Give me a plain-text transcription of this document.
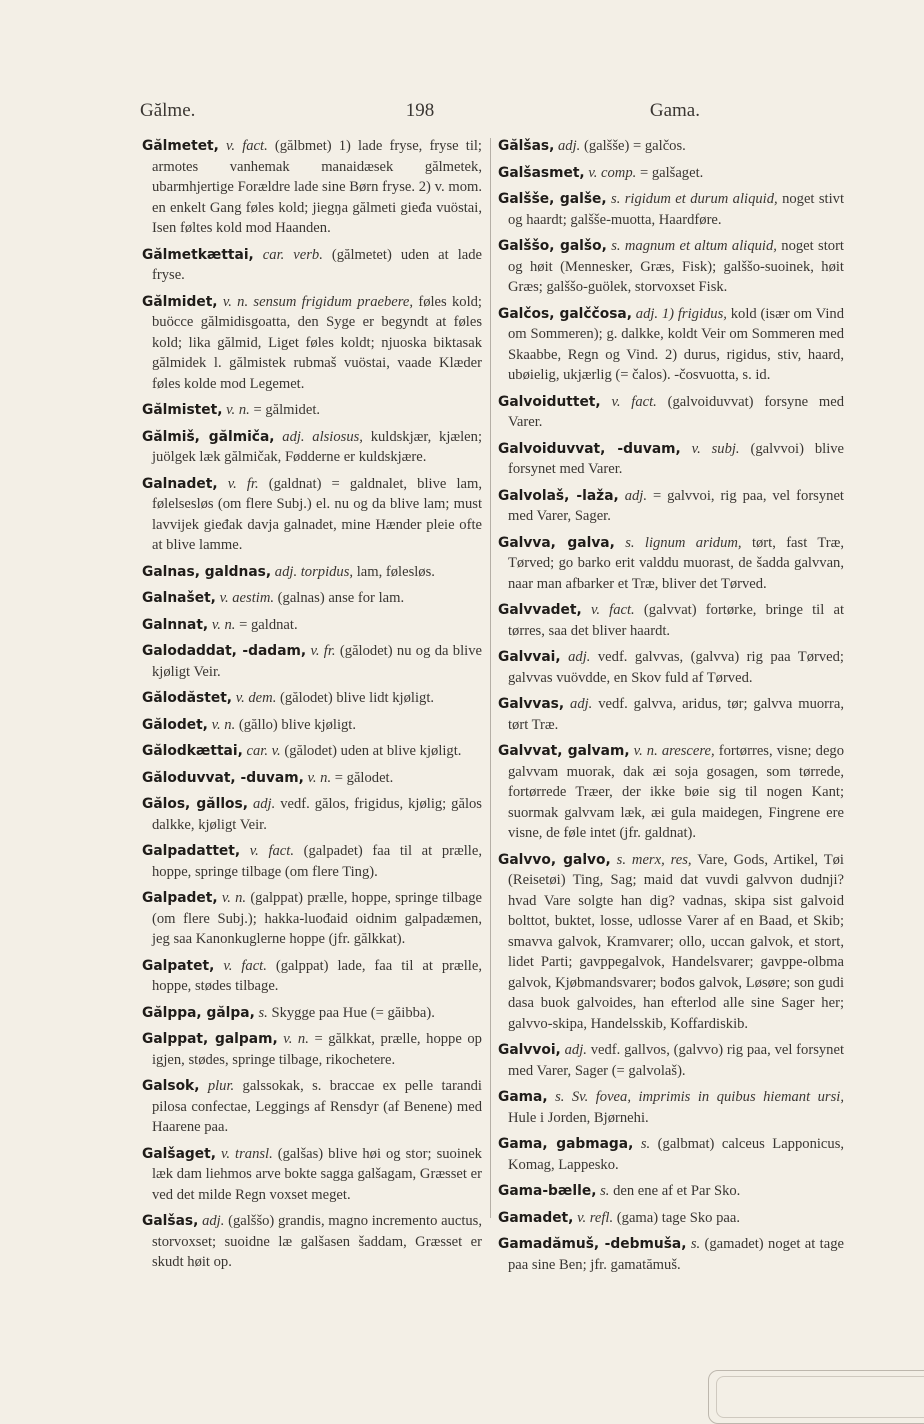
Gălme.	198	Gama.

Gălmetet, v. fact. (gălbmet) 1) lade fryse, fryse til; armotes vanhemak manaidæsek gălmetek, ubarmhjertige Forældre lade sine Børn fryse. 2) v. mom. en enkelt Gang føles kold; jiegŋa gălmeti gieđa vuöstai, Isen føltes kold mod Haanden.

Gălmetkættai, car. verb. (gălmetet) uden at lade fryse.

Gălmidet, v. n. sensum frigidum praebere, føles kold; buöcce gălmidisgoatta, den Syge er begyndt at føles kold; lika gălmid, Liget føles koldt; njuoska biktasak gălmidek l. gălmistek rubmaš vuöstai, vaade Klæder føles kolde mod Legemet.

Gălmistet, v. n. = gălmidet.

Gălmiš, gălmiča, adj. alsiosus, kuldskjær, kjælen; juölgek læk gălmičak, Fødderne er kuldskjære.

Galnadet, v. fr. (galdnat) = galdnalet, blive lam, følelsesløs (om flere Subj.) el. nu og da blive lam; must lavvijek gieđak davja galnadet, mine Hænder pleie ofte at blive lamme.

Galnas, galdnas, adj. torpidus, lam, følesløs.

Galnašet, v. aestim. (galnas) anse for lam.

Galnnat, v. n. = galdnat.

Galodaddat, -dadam, v. fr. (gălodet) nu og da blive kjøligt Veir.

Gălodăstet, v. dem. (gălodet) blive lidt kjøligt.

Gălodet, v. n. (găllo) blive kjøligt.

Gălodkættai, car. v. (gălodet) uden at blive kjøligt.

Găloduvvat, -duvam, v. n. = gălodet.

Gălos, găllos, adj. vedf. gălos, frigidus, kjølig; gălos dalkke, kjøligt Veir.

Galpadattet, v. fact. (galpadet) faa til at prælle, hoppe, springe tilbage (om flere Ting).

Galpadet, v. n. (galppat) prælle, hoppe, springe tilbage (om flere Subj.); hakka-luođaid oidnim galpadæmen, jeg saa Kanonkuglerne hoppe (jfr. gălkkat).

Galpatet, v. fact. (galppat) lade, faa til at prælle, hoppe, stødes tilbage.

Gălppa, gălpa, s. Skygge paa Hue (= găibba).

Galppat, galpam, v. n. = gălkkat, prælle, hoppe op igjen, stødes, springe tilbage, rikochetere.

Galsok, plur. galssokak, s. braccae ex pelle tarandi pilosa confectae, Leggings af Rensdyr (af Benene) med Haarene paa.

Galšaget, v. transl. (galšas) blive høi og stor; suoinek læk dam liehmos arve bokte sagga galšagam, Græsset er ved det milde Regn voxset meget.

Galšas, adj. (galššo) grandis, magno incremento auctus, storvoxset; suoidne læ galšasen šaddam, Græsset er skudt høit op.

Gălšas, adj. (galšše) = galčos.

Galšasmet, v. comp. = galšaget.

Galšše, galše, s. rigidum et durum aliquid, noget stivt og haardt; galšše-muotta, Haardføre.

Galššo, galšo, s. magnum et altum aliquid, noget stort og høit (Mennesker, Græs, Fisk); galššo-suoinek, høit Græs; galššo-guölek, storvoxset Fisk.

Galčos, galččosa, adj. 1) frigidus, kold (især om Vind om Sommeren); g. dalkke, koldt Veir om Sommeren med Skaabbe, Regn og Vind. 2) durus, rigidus, stiv, haard, ubøielig, ukjærlig (= čalos). -čosvuotta, s. id.

Galvoiduttet, v. fact. (galvoiduvvat) forsyne med Varer.

Galvoiduvvat, -duvam, v. subj. (galvvoi) blive forsynet med Varer.

Galvolaš, -laža, adj. = galvvoi, rig paa, vel forsynet med Varer, Sager.

Galvva, galva, s. lignum aridum, tørt, fast Træ, Tørved; go barko erit valddu muorast, de šadda galvvan, naar man afbarker et Træ, bliver det Tørved.

Galvvadet, v. fact. (galvvat) fortørke, bringe til at tørres, saa det bliver haardt.

Galvvai, adj. vedf. galvvas, (galvva) rig paa Tørved; galvvas vuövdde, en Skov fuld af Tørved.

Galvvas, adj. vedf. galvva, aridus, tør; galvva muorra, tørt Træ.

Galvvat, galvam, v. n. arescere, fortørres, visne; dego galvvam muorak, dak æi soja gosagen, som tørrede, fortørrede Træer, der ikke bøie sig til nogen Kant; suormak galvvam læk, æi gula maidegen, Fingrene ere visne, de føle intet (jfr. galdnat).

Galvvo, galvo, s. merx, res, Vare, Gods, Artikel, Tøi (Reisetøi) Ting, Sag; maid dat vuvdi galvvon dudnji? hvad Vare solgte han dig? vadnas, skipa sist galvoid bolttot, buktet, losse, udlosse Varer af en Baad, et Skib; smavva galvok, Kramvarer; ollo, uccan galvok, et stort, lidet Parti; gavppegalvok, Handelsvarer; gavppe-olbma galvok, Kjøbmandsvarer; bođos galvok, Løsøre; son gudi dasa buok galvoides, han efterlod alle sine Sager her; galvvo-skipa, Handelsskib, Koffardiskib.

Galvvoi, adj. vedf. gallvos, (galvvo) rig paa, vel forsynet med Varer, Sager (= galvolaš).

Gama, s. Sv. fovea, imprimis in quibus hiemant ursi, Hule i Jorden, Bjørnehi.

Gama, gabmaga, s. (galbmat) calceus Lapponicus, Komag, Lappesko.

Gama-bælle, s. den ene af et Par Sko.

Gamadet, v. refl. (gama) tage Sko paa.

Gamadămuš, -debmuša, s. (gamadet) noget at tage paa sine Ben; jfr. gamatămuš.
